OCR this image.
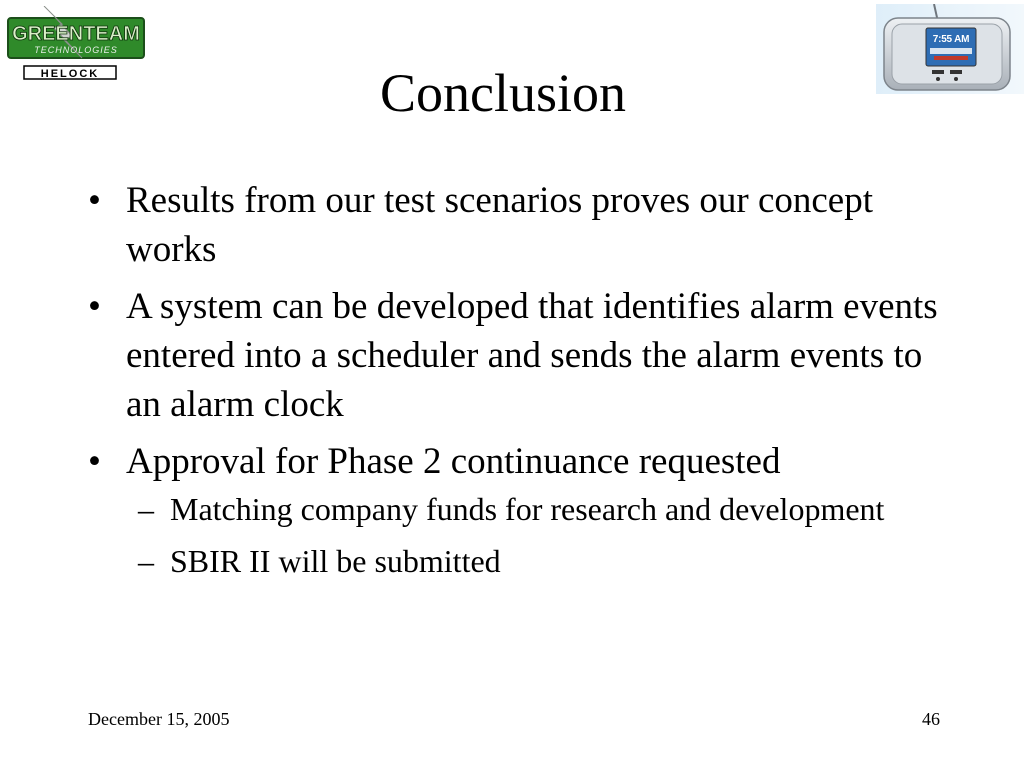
GREENTEAM
TECHNOLOGIES
HELOCK
7:55 AM
Conclusion
• Results from our test scenarios proves our concept works
• A system can be developed that identifies alarm events entered into a scheduler and sends the alarm events to an alarm clock
• Approval for Phase 2 continuance requested
– Matching company funds for research and development
– SBIR II will be submitted
December 15, 2005	46
